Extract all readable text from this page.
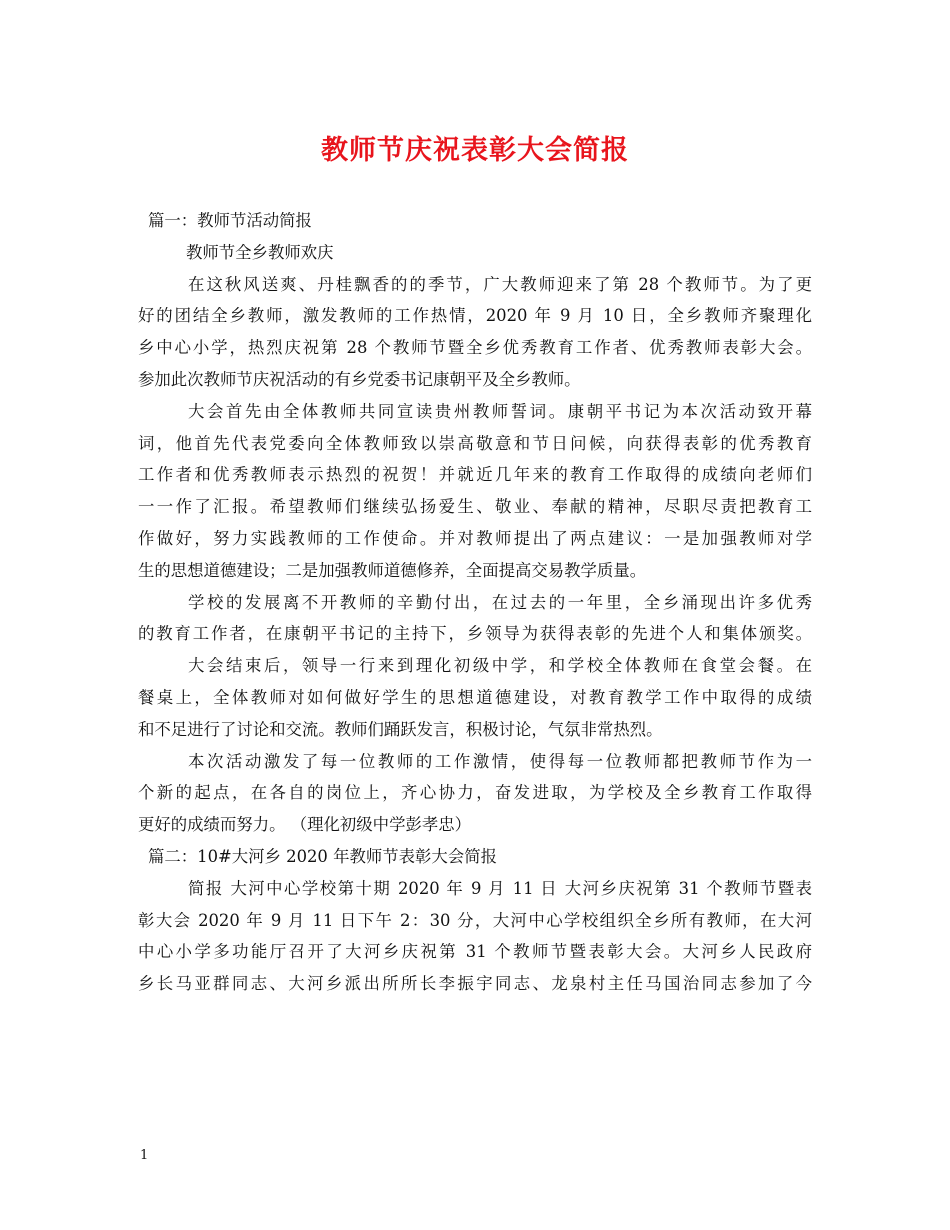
教师节庆祝表彰大会简报
篇一：教师节活动简报
教师节全乡教师欢庆
在这秋风送爽、丹桂飘香的的季节，广大教师迎来了第 28 个教师节。为了更
好的团结全乡教师，激发教师的工作热情，2020 年 9 月 10 日，全乡教师齐聚理化
乡中心小学，热烈庆祝第 28 个教师节暨全乡优秀教育工作者、优秀教师表彰大会。
参加此次教师节庆祝活动的有乡党委书记康朝平及全乡教师。
大会首先由全体教师共同宣读贵州教师誓词。康朝平书记为本次活动致开幕
词，他首先代表党委向全体教师致以崇高敬意和节日问候，向获得表彰的优秀教育
工作者和优秀教师表示热烈的祝贺！并就近几年来的教育工作取得的成绩向老师们
一一作了汇报。希望教师们继续弘扬爱生、敬业、奉献的精神，尽职尽责把教育工
作做好，努力实践教师的工作使命。并对教师提出了两点建议：一是加强教师对学
生的思想道德建设；二是加强教师道德修养，全面提高交易教学质量。
学校的发展离不开教师的辛勤付出，在过去的一年里，全乡涌现出许多优秀
的教育工作者，在康朝平书记的主持下，乡领导为获得表彰的先进个人和集体颁奖。
大会结束后，领导一行来到理化初级中学，和学校全体教师在食堂会餐。在
餐桌上，全体教师对如何做好学生的思想道德建设，对教育教学工作中取得的成绩
和不足进行了讨论和交流。教师们踊跃发言，积极讨论，气氛非常热烈。
本次活动激发了每一位教师的工作激情，使得每一位教师都把教师节作为一
个新的起点，在各自的岗位上，齐心协力，奋发进取，为学校及全乡教育工作取得
更好的成绩而努力。 （理化初级中学彭孝忠）
篇二：10#大河乡 2020 年教师节表彰大会简报
简报 大河中心学校第十期 2020 年 9 月 11 日 大河乡庆祝第 31 个教师节暨表
彰大会 2020 年 9 月 11 日下午 2：30 分，大河中心学校组织全乡所有教师，在大河
中心小学多功能厅召开了大河乡庆祝第 31 个教师节暨表彰大会。大河乡人民政府
乡长马亚群同志、大河乡派出所所长李振宇同志、龙泉村主任马国治同志参加了今
1
